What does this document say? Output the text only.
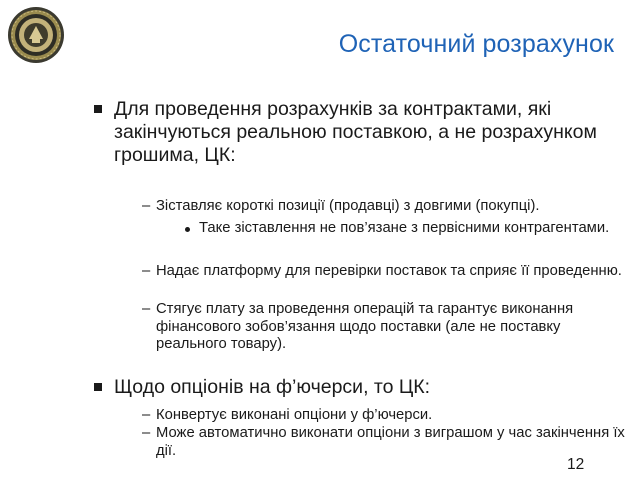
Остаточний розрахунок
Для проведення розрахунків за контрактами, які закінчуються реальною поставкою, а не розрахунком грошима, ЦК:
– Зіставляє короткі позиції (продавці) з довгими (покупці).
Таке зіставлення не пов’язане з первісними контрагентами.
– Надає платформу для перевірки поставок та сприяє її проведенню.
– Стягує плату за проведення операцій та гарантує виконання фінансового зобов’язання щодо поставки (але не поставку реального товару).
Щодо опціонів на ф’ючерси, то ЦК:
– Конвертує виконані опціони у ф’ючерси.
– Може автоматично виконати опціони з виграшом у час закінчення їх дії.
12
